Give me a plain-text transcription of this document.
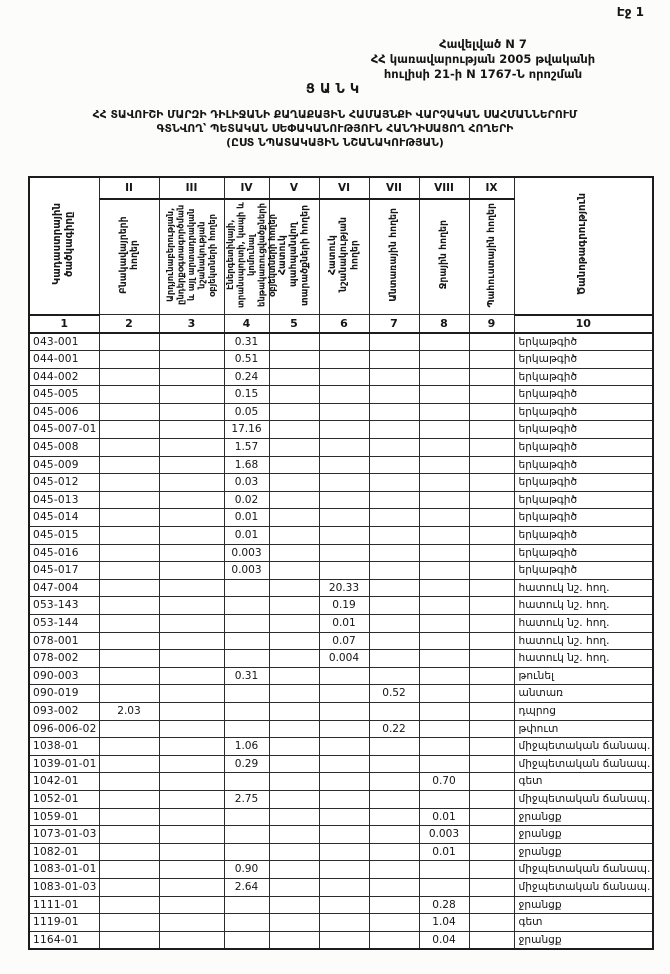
Էջ 1
Հավելված N 7
ՀՀ կառավարության 2005 թվականի
հուլիսի 21-ի N 1767-Ն որոշման
ՑԱՆԿ
ՀՀ ՏԱՎՈՒՇԻ ՄԱՐԶԻ ԴԻԼԻՋԱՆԻ ՔԱՂԱՔԱՅԻՆ ՀԱՄԱՅՆՔԻ ՎԱՐՉԱԿԱՆ ՍԱՀՄԱՆՆԵՐՈՒՄ
ԳՏՆՎՈՂ՝ ՊԵՏԱԿԱՆ ՍԵՓԱԿԱՆՈՒԹՅՈՒՆ ՀԱՆԴԻՍԱՑՈՂ ՀՈՂԵՐԻ
(ԸՍՏ ՆՊԱՏԱԿԱՅԻՆ ՆՇԱՆԱԿՈՒԹՅԱՆ)
Կադաստրային ծածկագիրը	II	III	IV	V	VI	VII	VIII	IX	Ծանոթագրություն
	Բնակավայրերի հողեր	Արդյունաբերության, ընդերքօգտագործման և այլ արտադրական նշանակության օբյեկտների հողեր	Էներգետիկայի, տրանսպորտի, կապի և կոմունալ ենթակառուցվածքների օբյեկտների հողեր	Հատուկ պահպանվող տարածքների հողեր	Հատուկ նշանակության հողեր	Անտառային հողեր	Ջրային հողեր	Պահուստային հողեր	
1	2	3	4	5	6	7	8	9	10
043-001			0.31						երկաթգիծ
044-001			0.51						երկաթգիծ
044-002			0.24						երկաթգիծ
045-005			0.15						երկաթգիծ
045-006			0.05						երկաթգիծ
045-007-01			17.16						երկաթգիծ
045-008			1.57						երկաթգիծ
045-009			1.68						երկաթգիծ
045-012			0.03						երկաթգիծ
045-013			0.02						երկաթգիծ
045-014			0.01						երկաթգիծ
045-015			0.01						երկաթգիծ
045-016			0.003						երկաթգիծ
045-017			0.003						երկաթգիծ
047-004					20.33				հատուկ նշ. հող.
053-143					0.19				հատուկ նշ. հող.
053-144					0.01				հատուկ նշ. հող.
078-001					0.07				հատուկ նշ. հող.
078-002					0.004				հատուկ նշ. հող.
090-003			0.31						թունել
090-019						0.52			անտառ
093-002	2.03								դպրոց
096-006-02						0.22			թփուտ
1038-01			1.06						միջպետական ճանապ.
1039-01-01			0.29						միջպետական ճանապ.
1042-01							0.70		գետ
1052-01			2.75						միջպետական ճանապ.
1059-01							0.01		ջրանցք
1073-01-03							0.003		ջրանցք
1082-01							0.01		ջրանցք
1083-01-01			0.90						միջպետական ճանապ.
1083-01-03			2.64						միջպետական ճանապ.
1111-01							0.28		ջրանցք
1119-01							1.04		գետ
1164-01							0.04		ջրանցք
